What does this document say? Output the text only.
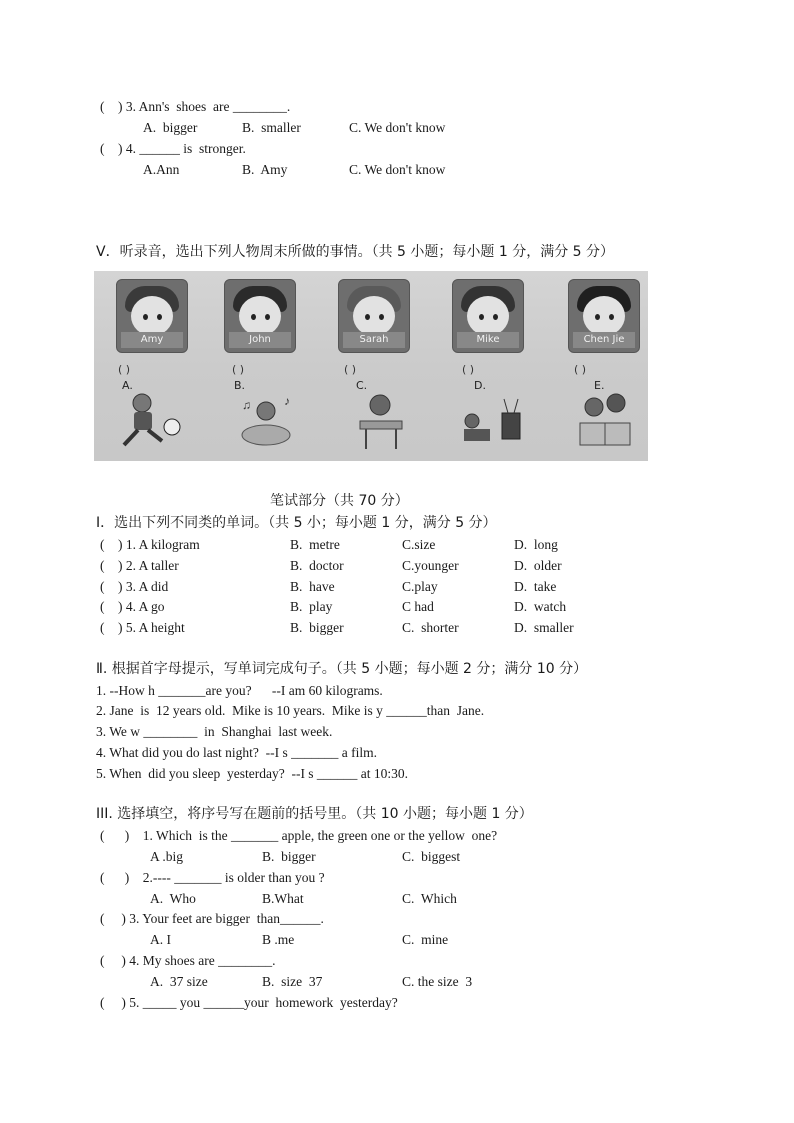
(    ) 3. Ann's  shoes  are ________.
A.  bigger	B.  smaller	C. We don't know
(    ) 4. ______ is  stronger.
A.Ann	B.  Amy	C. We don't know
V．听录音，选出下列人物周末所做的事情。（共 5 小题；每小题 1 分，满分 5 分）
Amy	John	Sarah	Mike	Chen Jie
( )	( )	( )	( )	( )
A.	B.	C.	D.	E.
♪
♫
笔试部分（共 70 分）
Ⅰ．选出下列不同类的单词。（共 5 小；每小题 1 分，满分 5 分）
(    ) 1. A kilogram	B.  metre	C.size	D.  long
(    ) 2. A taller	B.  doctor	C.younger	D.  older
(    ) 3. A did	B.  have	C.play	D.  take
(    ) 4. A go	B.  play	C had	D.  watch
(    ) 5. A height	B.  bigger	C.  shorter	D.  smaller
Ⅱ. 根据首字母提示，写单词完成句子。（共 5 小题；每小题 2 分；满分 10 分）
1. --How h _______are you?      --I am 60 kilograms.
2. Jane  is  12 years old.  Mike is 10 years.  Mike is y ______than  Jane.
3. We w ________  in  Shanghai  last week.
4. What did you do last night?  --I s _______ a film.
5. When  did you sleep  yesterday?  --I s ______ at 10:30.
III. 选择填空，将序号写在题前的括号里。（共 10 小题；每小题 1 分）
(      )    1. Which  is the _______ apple, the green one or the yellow  one?
A .big	B.  bigger	C.  biggest
(      )    2.---- _______ is older than you ?
A.  Who	B.What	C.  Which
(     ) 3. Your feet are bigger  than______.
A. I	B .me	C.  mine
(     ) 4. My shoes are ________.
A.  37 size	B.  size  37	C. the size  3
(     ) 5. _____ you ______your  homework  yesterday?
